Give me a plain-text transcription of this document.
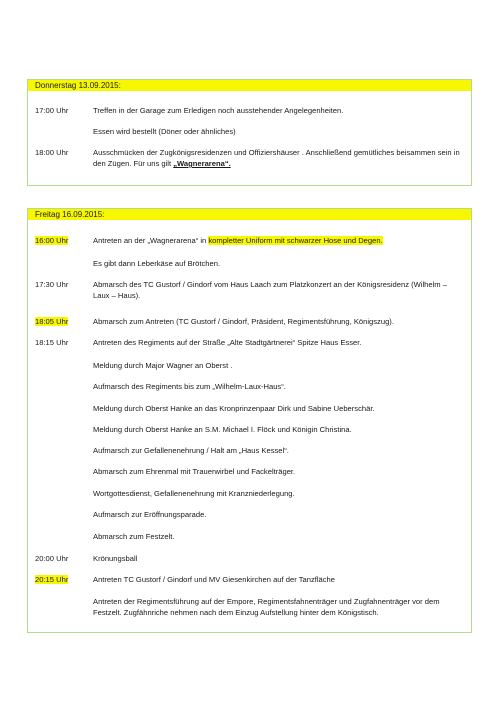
Donnerstag 13.09.2015:
17:00 Uhr	Treffen in der Garage zum Erledigen noch ausstehender Angelegenheiten.
Essen wird bestellt (Döner oder ähnliches)
18:00 Uhr	Ausschmücken der Zugkönigsresidenzen und Offiziershäuser . Anschließend gemütliches beisammen sein in den Zügen. Für uns gilt „Wagnerarena“.
Freitag 16.09.2015:
16:00 Uhr	Antreten an der „Wagnerarena“ in kompletter Uniform mit schwarzer Hose und Degen.
Es gibt dann Leberkäse auf Brötchen.
17:30 Uhr	Abmarsch des TC Gustorf / Gindorf vom Haus Laach zum Platzkonzert an der Königsresidenz (Wilhelm – Laux – Haus).
18:05 Uhr	Abmarsch zum Antreten (TC Gustorf / Gindorf, Präsident, Regimentsführung, Königszug).
18:15 Uhr	Antreten des Regiments auf der Straße „Alte Stadtgärtnerei“ Spitze Haus Esser.
Meldung durch Major Wagner an Oberst .
Aufmarsch des Regiments bis zum „Wilhelm-Laux-Haus“.
Meldung durch Oberst Hanke an das Kronprinzenpaar Dirk und Sabine Ueberschär.
Meldung durch Oberst Hanke an S.M. Michael I. Flöck und Königin Christina.
Aufmarsch zur Gefallenenehrung / Halt am „Haus Kessel“.
Abmarsch zum Ehrenmal mit Trauerwirbel und Fackelträger.
Wortgottesdienst, Gefallenenehrung mit Kranzniederlegung.
Aufmarsch zur Eröffnungsparade.
Abmarsch zum Festzelt.
20:00 Uhr	Krönungsball
20:15 Uhr	Antreten TC Gustorf / Gindorf und MV Giesenkirchen auf der Tanzfläche
Antreten der Regimentsführung auf der Empore, Regimentsfahnenträger und Zugfahnenträger vor dem Festzelt. Zugfähnriche nehmen nach dem Einzug Aufstellung hinter dem Königstisch.
